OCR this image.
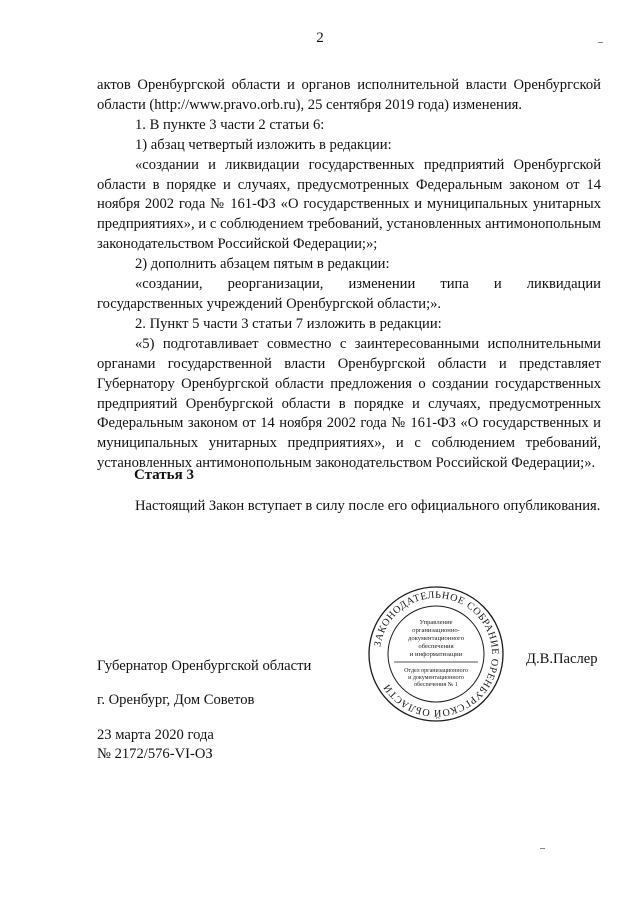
2

актов Оренбургской области и органов исполнительной власти Оренбургской области (http://www.pravo.orb.ru), 25 сентября 2019 года) изменения.

1. В пункте 3 части 2 статьи 6:

1) абзац четвертый изложить в редакции:

«создании и ликвидации государственных предприятий Оренбургской области в порядке и случаях, предусмотренных Федеральным законом от 14 ноября 2002 года № 161-ФЗ «О государственных и муниципальных унитарных предприятиях», и с соблюдением требований, установленных антимонопольным законодательством Российской Федерации;»;

2) дополнить абзацем пятым в редакции:

«создании, реорганизации, изменении типа и ликвидации государственных учреждений Оренбургской области;».

2. Пункт 5 части 3 статьи 7 изложить в редакции:

«5) подготавливает совместно с заинтересованными исполнительными органами государственной власти Оренбургской области и представляет Губернатору Оренбургской области предложения о создании государственных предприятий Оренбургской области в порядке и случаях, предусмотренных Федеральным законом от 14 ноября 2002 года № 161-ФЗ «О государственных и муниципальных унитарных предприятиях», и с соблюдением требований, установленных антимонопольным законодательством Российской Федерации;».

Статья 3

Настоящий Закон вступает в силу после его официального опубликования.

Губернатор Оренбургской области	Д.В.Паслер
г. Оренбург, Дом Советов
23 марта 2020 года
№ 2172/576-VI-ОЗ
ЗАКОНОДАТЕЛЬНОЕ СОБРАНИЕ ОРЕНБУРГСКОЙ ОБЛАСТИ
Управление
организационно-
документационного
обеспечения
и информатизации
Отдел организационного
и документационного
обеспечения № 1
